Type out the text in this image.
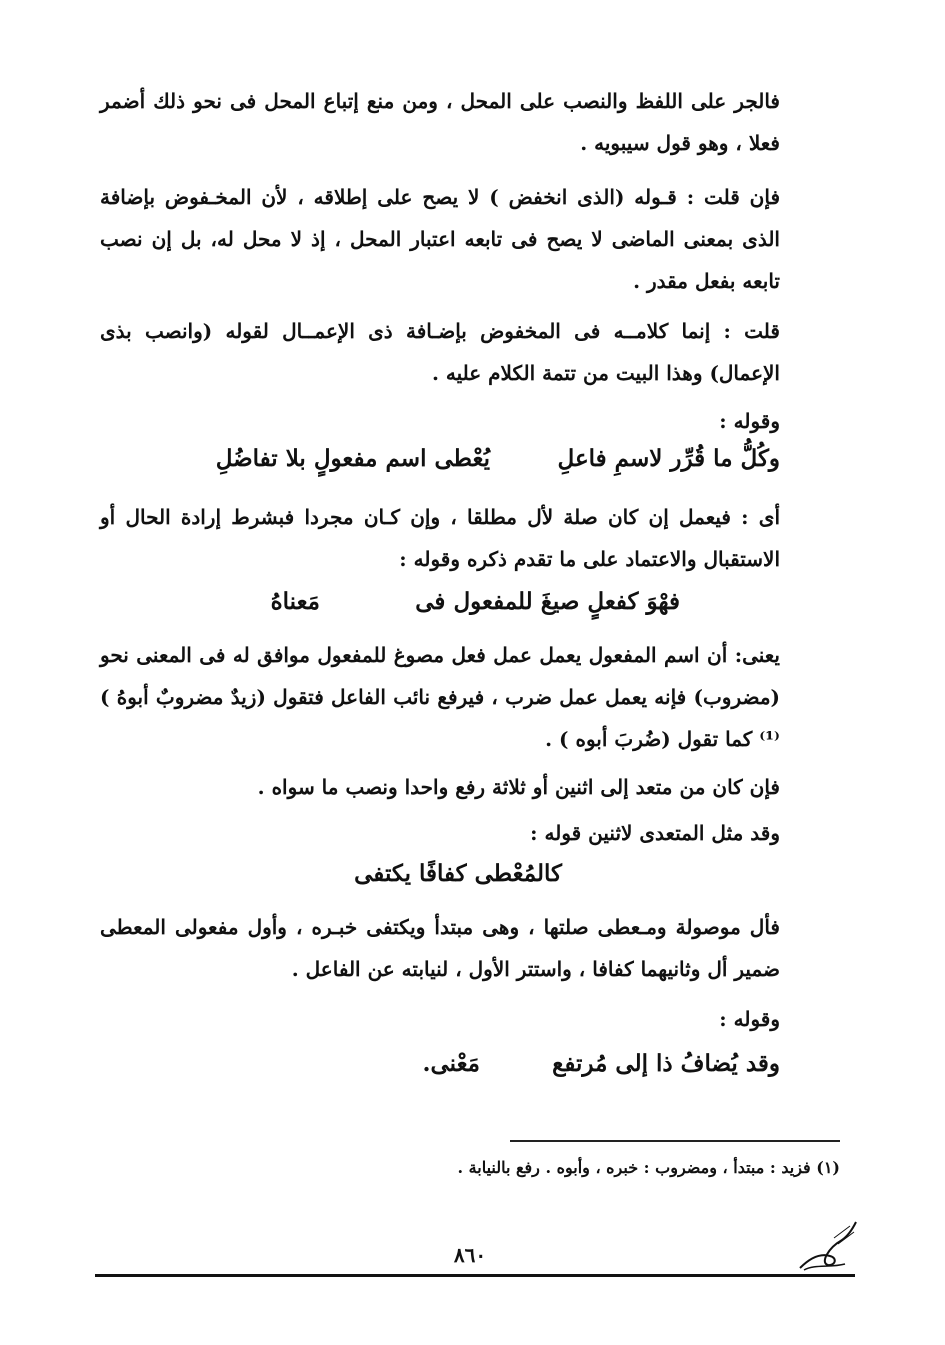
فالجر على اللفظ والنصب على المحل ، ومن منع إتباع المحل فى نحو ذلك أضمر فعلا ، وهو قول سيبويه .
فإن قلت : قـوله (الذى انخفض ) لا يصح على إطلاقه ، لأن المخـفوض بإضافة الذى بمعنى الماضى لا يصح فى تابعه اعتبار المحل ، إذ لا محل له، بل إن نصب تابعه بفعل مقدر .
قلت : إنما كلامــه فى المخفوض بإضـافة ذى الإعمــال لقوله (وانصب بذى الإعمال) وهذا البيت من تتمة الكلام عليه .
وقوله :
وكُلُّ ما قُرِّر لاسمِ فاعلِ
يُعْطى اسم مفعولٍ بلا تفاضُلِ
أى : فيعمل إن كان صلة لأل مطلقا ، وإن كـان مجردا فبشرط إرادة الحال أو الاستقبال والاعتماد على ما تقدم ذكره وقوله :
فهْوَ كفعلٍ صيغَ للمفعول فى
مَعناهُ
يعنى: أن اسم المفعول يعمل عمل فعل مصوغ للمفعول موافق له فى المعنى نحو (مضروب) فإنه يعمل عمل ضرب ، فيرفع نائب الفاعل فتقول (زيدٌ مضروبٌ أبوهُ )⁽¹⁾ كما تقول (ضُربَ أبوه ) .
فإن كان من متعد إلى اثنين أو ثلاثة رفع واحدا ونصب ما سواه .
وقد مثل المتعدى لاثنين قوله :
كالمُعْطى كفافًا يكتفى
فأل موصولة ومـعطى صلتها ، وهى مبتدأ ويكتفى خبـره ، وأول مفعولى المعطى ضمير أل وثانيهما كفافا ، واستتر الأول ، لنيابته عن الفاعل .
وقوله :
وقد يُضافُ ذا إلى مُرتفع
مَعْنى.
(١) فزيد : مبتدأ ، ومضروب : خبره ، وأبوه . رفع بالنيابة .
٨٦٠
